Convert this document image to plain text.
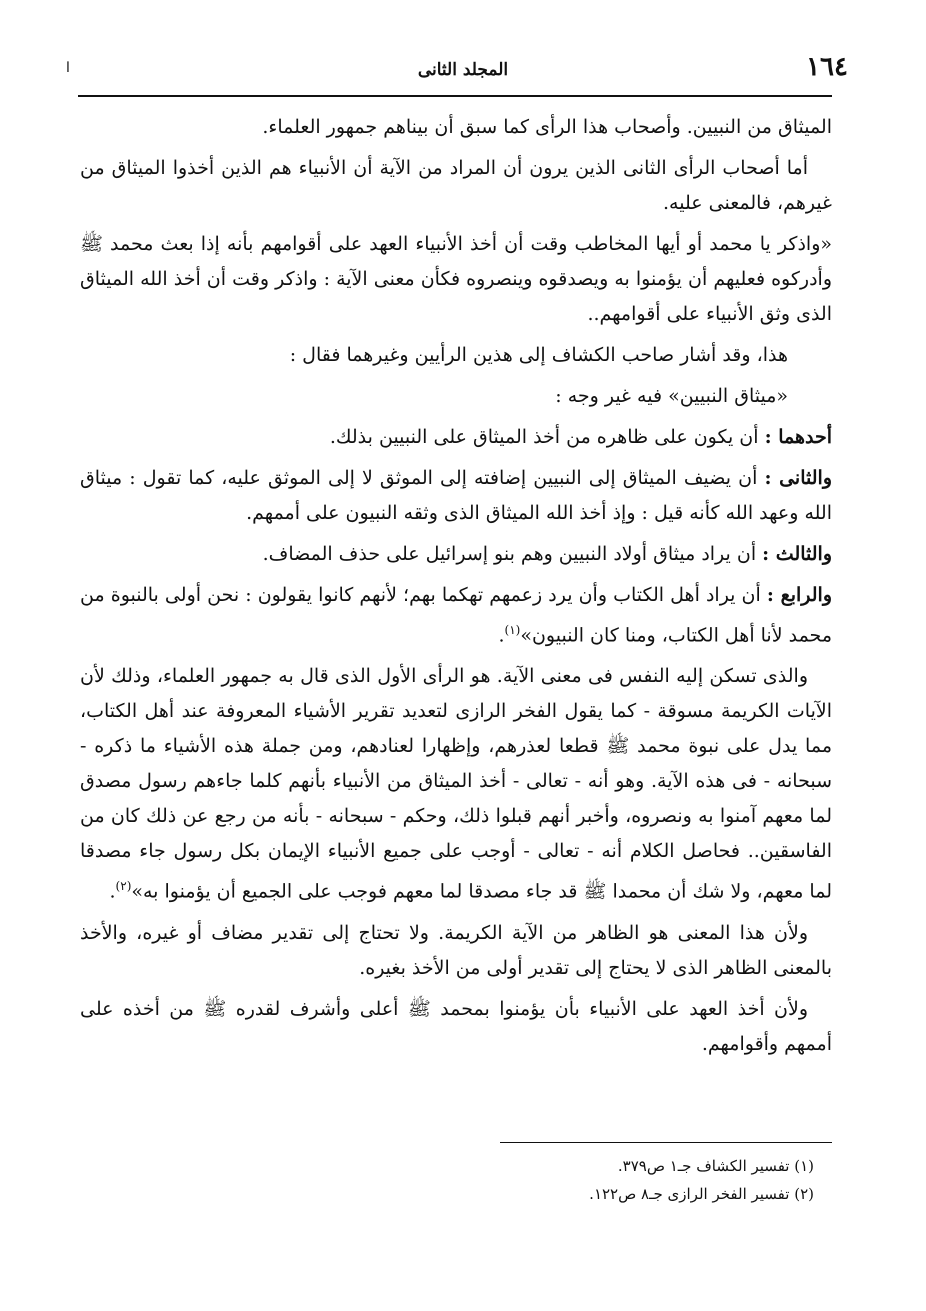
١٦٤
المجلد الثانى
ا

الميثاق من النبيين. وأصحاب هذا الرأى كما سبق أن بيناهم جمهور العلماء.

أما أصحاب الرأى الثانى الذين يرون أن المراد من الآية أن الأنبياء هم الذين أخذوا الميثاق من غيرهم، فالمعنى عليه.

«واذكر يا محمد أو أيها المخاطب وقت أن أخذ الأنبياء العهد على أقوامهم بأنه إذا بعث محمد ﷺ وأدركوه فعليهم أن يؤمنوا به ويصدقوه وينصروه فكأن معنى الآية : واذكر وقت أن أخذ الله الميثاق الذى وثق الأنبياء على أقوامهم..

هذا، وقد أشار صاحب الكشاف إلى هذين الرأيين وغيرهما فقال :

«ميثاق النبيين» فيه غير وجه :

أحدهما : أن يكون على ظاهره من أخذ الميثاق على النبيين بذلك.

والثانى : أن يضيف الميثاق إلى النبيين إضافته إلى الموثق لا إلى الموثق عليه، كما تقول : ميثاق الله وعهد الله كأنه قيل : وإذ أخذ الله الميثاق الذى وثقه النبيون على أممهم.

والثالث : أن يراد ميثاق أولاد النبيين وهم بنو إسرائيل على حذف المضاف.

والرابع : أن يراد أهل الكتاب وأن يرد زعمهم تهكما بهم؛ لأنهم كانوا يقولون : نحن أولى بالنبوة من محمد لأنا أهل الكتاب، ومنا كان النبيون»$^{(١)}$.

والذى تسكن إليه النفس فى معنى الآية. هو الرأى الأول الذى قال به جمهور العلماء، وذلك لأن الآيات الكريمة مسوقة - كما يقول الفخر الرازى لتعديد تقرير الأشياء المعروفة عند أهل الكتاب، مما يدل على نبوة محمد ﷺ قطعا لعذرهم، وإظهارا لعنادهم، ومن جملة هذه الأشياء ما ذكره - سبحانه - فى هذه الآية. وهو أنه - تعالى - أخذ الميثاق من الأنبياء بأنهم كلما جاءهم رسول مصدق لما معهم آمنوا به ونصروه، وأخبر أنهم قبلوا ذلك، وحكم - سبحانه - بأنه من رجع عن ذلك كان من الفاسقين.. فحاصل الكلام أنه - تعالى - أوجب على جميع الأنبياء الإيمان بكل رسول جاء مصدقا لما معهم، ولا شك أن محمدا ﷺ قد جاء مصدقا لما معهم فوجب على الجميع أن يؤمنوا به»$^{(٢)}$.

ولأن هذا المعنى هو الظاهر من الآية الكريمة. ولا تحتاج إلى تقدير مضاف أو غيره، والأخذ بالمعنى الظاهر الذى لا يحتاج إلى تقدير أولى من الأخذ بغيره.

ولأن أخذ العهد على الأنبياء بأن يؤمنوا بمحمد ﷺ أعلى وأشرف لقدره ﷺ من أخذه على أممهم وأقوامهم.

(١) تفسير الكشاف جـ١ ص٣٧٩.
(٢) تفسير الفخر الرازى جـ٨ ص١٢٢.
